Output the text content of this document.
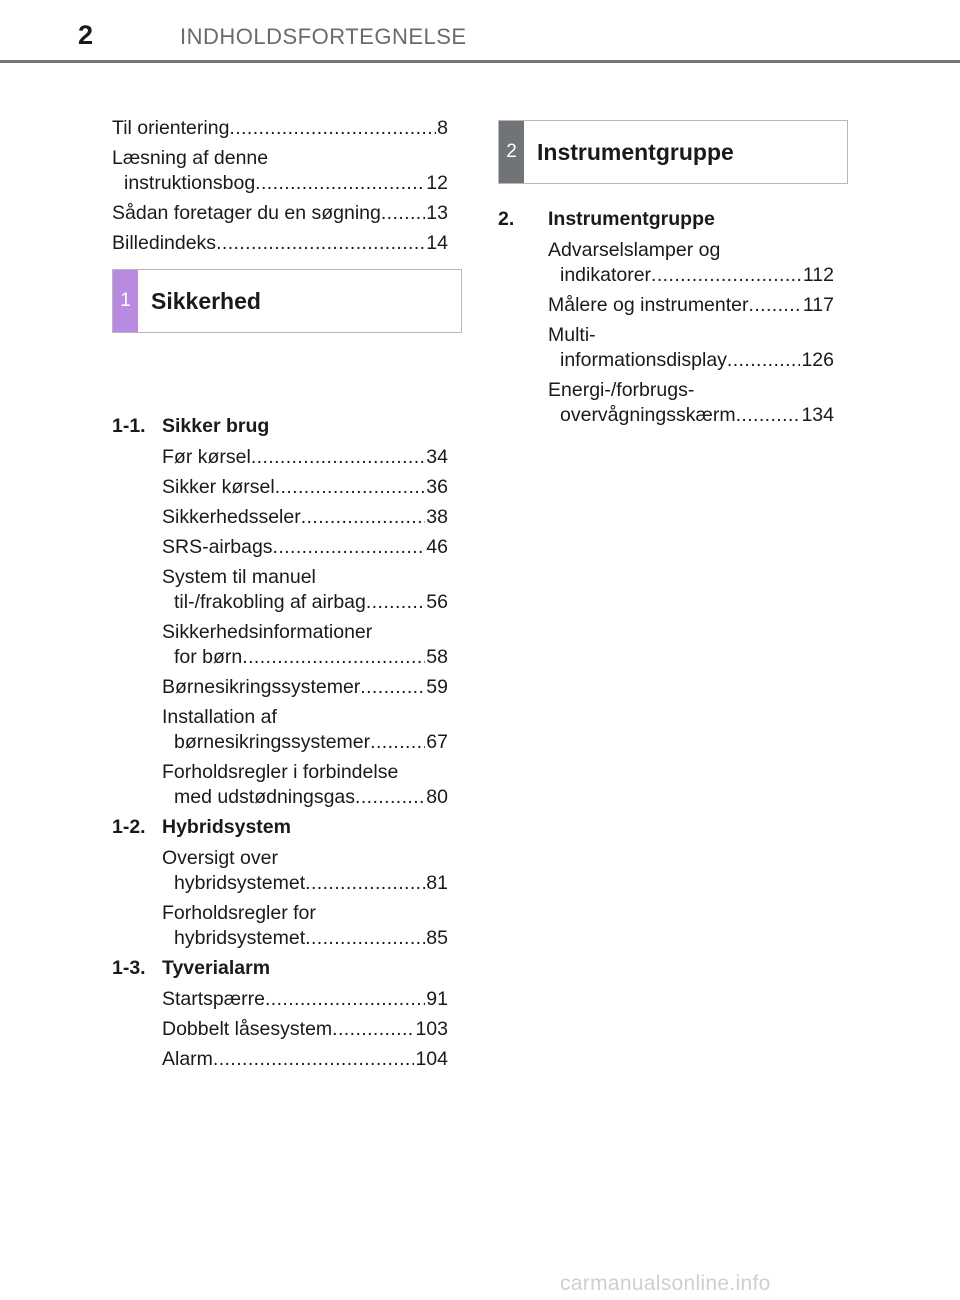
2	INDHOLDSFORTEGNELSE
Til orientering .....	8
Læsning af denne
instruktionsbog .....	12
Sådan foretager du en søgning ..... 13
Billedindeks .....	14
1-1. Sikker brug
Før kørsel .....	34
Sikker kørsel .....	36
Sikkerhedsseler .....	38
SRS-airbags .....	46
System til manuel
til-/frakobling af airbag .....	56
Sikkerhedsinformationer
for børn .....	58
Børnesikringssystemer .....	59
Installation af
børnesikringssystemer .....	67
Forholdsregler i forbindelse
med udstødningsgas .....	80
1-2. Hybridsystem
Oversigt over
hybridsystemet .....	81
Forholdsregler for
hybridsystemet .....	85
1-3. Tyverialarm
Startspærre .....	91
Dobbelt låsesystem .....	103
Alarm .....	104
1 Sikkerhed
2 Instrumentgruppe
2.	Instrumentgruppe
Advarselslamper og
indikatorer .....	112
Målere og instrumenter .....	117
Multi-
informationsdisplay .....	126
Energi-/forbrugs-
overvågningsskærm .....	134
carmanualsonline.info
